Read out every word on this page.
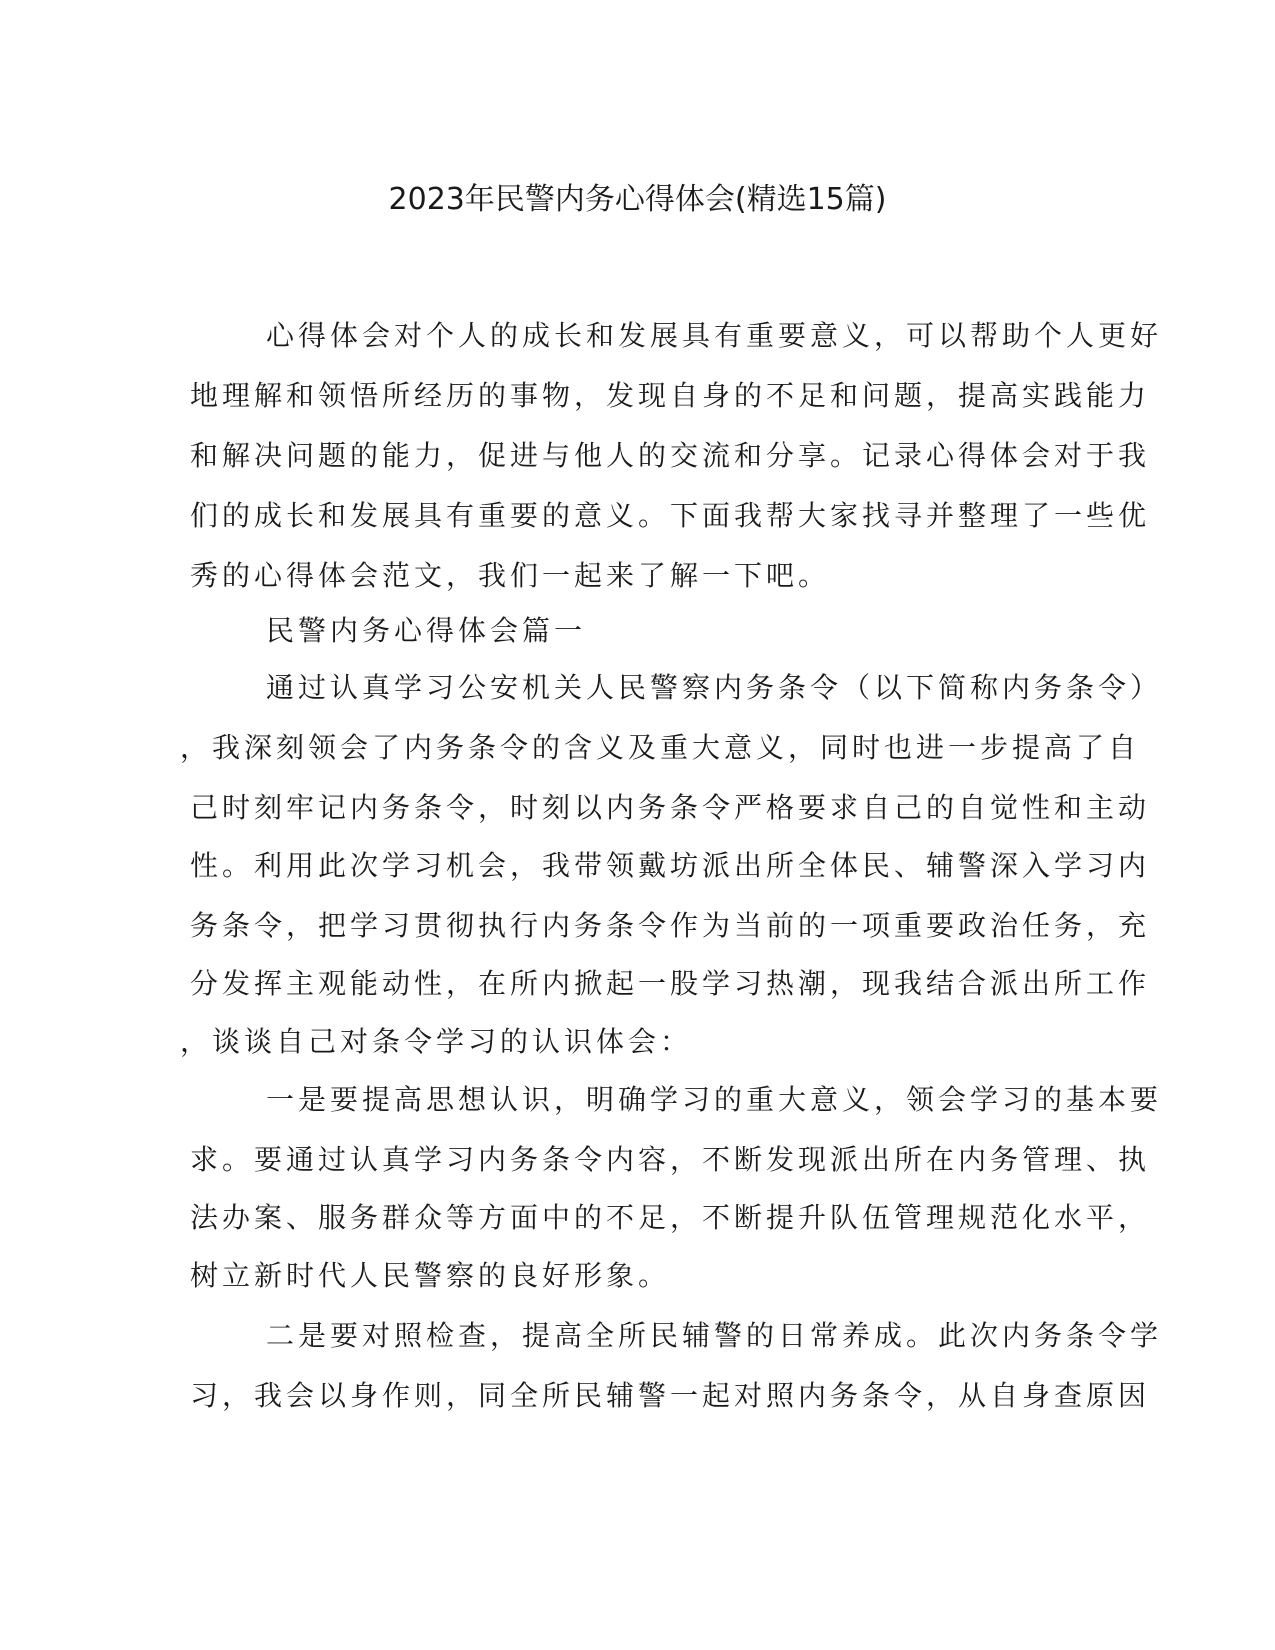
2023年民警内务心得体会(精选15篇)
心得体会对个人的成长和发展具有重要意义，可以帮助个人更好
地理解和领悟所经历的事物，发现自身的不足和问题，提高实践能力
和解决问题的能力，促进与他人的交流和分享。记录心得体会对于我
们的成长和发展具有重要的意义。下面我帮大家找寻并整理了一些优
秀的心得体会范文，我们一起来了解一下吧。
民警内务心得体会篇一
通过认真学习公安机关人民警察内务条令（以下简称内务条令）
，我深刻领会了内务条令的含义及重大意义，同时也进一步提高了自
己时刻牢记内务条令，时刻以内务条令严格要求自己的自觉性和主动
性。利用此次学习机会，我带领戴坊派出所全体民、辅警深入学习内
务条令，把学习贯彻执行内务条令作为当前的一项重要政治任务，充
分发挥主观能动性，在所内掀起一股学习热潮，现我结合派出所工作
，谈谈自己对条令学习的认识体会：
一是要提高思想认识，明确学习的重大意义，领会学习的基本要
求。要通过认真学习内务条令内容，不断发现派出所在内务管理、执
法办案、服务群众等方面中的不足，不断提升队伍管理规范化水平，
树立新时代人民警察的良好形象。
二是要对照检查，提高全所民辅警的日常养成。此次内务条令学
习，我会以身作则，同全所民辅警一起对照内务条令，从自身查原因
